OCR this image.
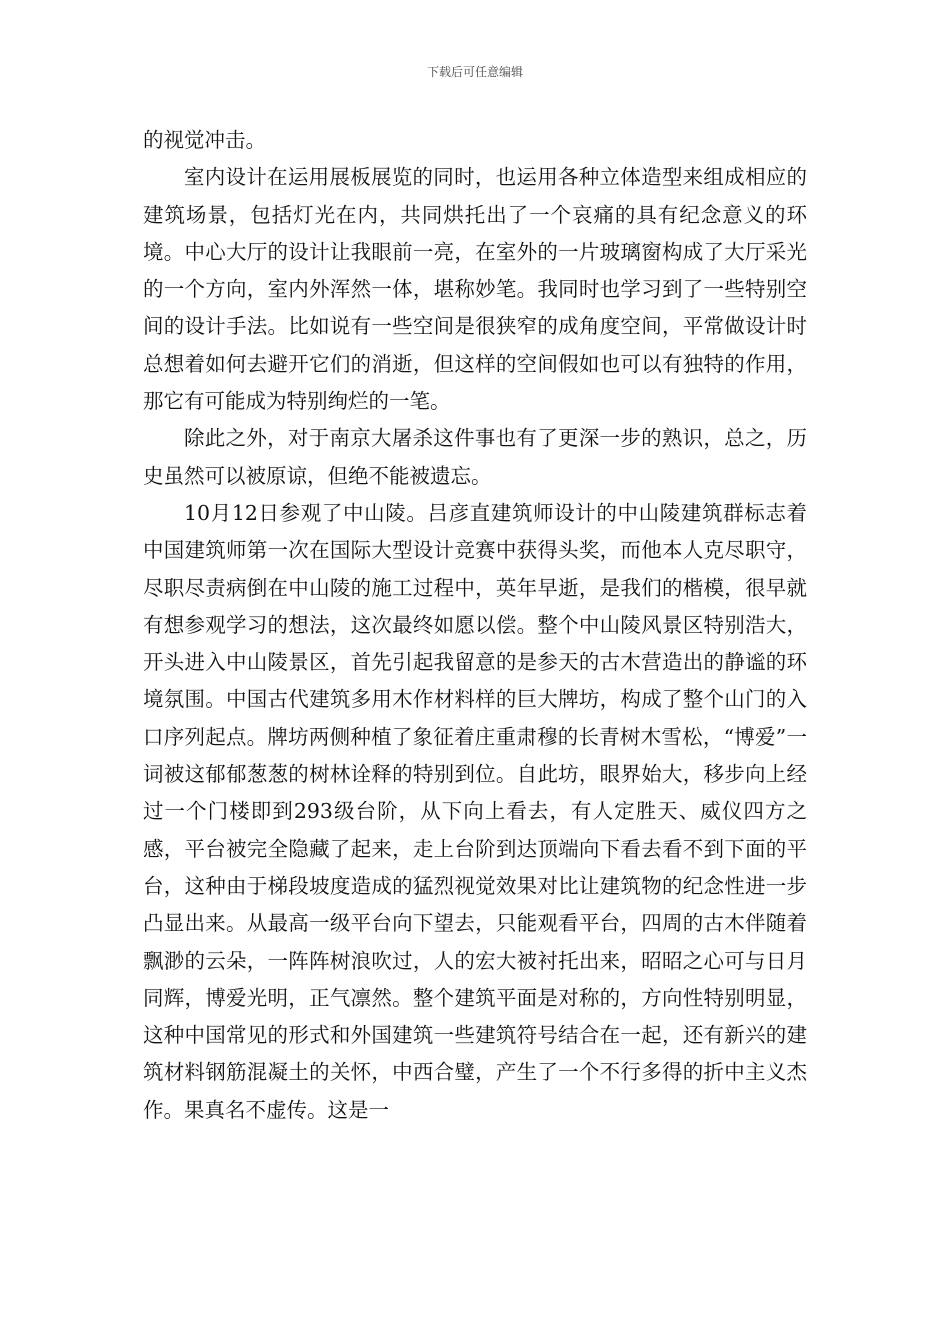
下载后可任意编辑

的视觉冲击。

室内设计在运用展板展览的同时，也运用各种立体造型来组成相应的建筑场景，包括灯光在内，共同烘托出了一个哀痛的具有纪念意义的环境。中心大厅的设计让我眼前一亮，在室外的一片玻璃窗构成了大厅采光的一个方向，室内外浑然一体，堪称妙笔。我同时也学习到了一些特别空间的设计手法。比如说有一些空间是很狭窄的成角度空间，平常做设计时总想着如何去避开它们的消逝，但这样的空间假如也可以有独特的作用，那它有可能成为特别绚烂的一笔。

除此之外，对于南京大屠杀这件事也有了更深一步的熟识，总之，历史虽然可以被原谅，但绝不能被遗忘。

10月12日参观了中山陵。吕彦直建筑师设计的中山陵建筑群标志着中国建筑师第一次在国际大型设计竞赛中获得头奖，而他本人克尽职守，尽职尽责病倒在中山陵的施工过程中，英年早逝，是我们的楷模，很早就有想参观学习的想法，这次最终如愿以偿。整个中山陵风景区特别浩大，开头进入中山陵景区，首先引起我留意的是参天的古木营造出的静谧的环境氛围。中国古代建筑多用木作材料样的巨大牌坊，构成了整个山门的入口序列起点。牌坊两侧种植了象征着庄重肃穆的长青树木雪松，“博爱”一词被这郁郁葱葱的树林诠释的特别到位。自此坊，眼界始大，移步向上经过一个门楼即到293级台阶，从下向上看去，有人定胜天、威仪四方之感，平台被完全隐藏了起来，走上台阶到达顶端向下看去看不到下面的平台，这种由于梯段坡度造成的猛烈视觉效果对比让建筑物的纪念性进一步凸显出来。从最高一级平台向下望去，只能观看平台，四周的古木伴随着飘渺的云朵，一阵阵树浪吹过，人的宏大被衬托出来，昭昭之心可与日月同辉，博爱光明，正气凛然。整个建筑平面是对称的，方向性特别明显，这种中国常见的形式和外国建筑一些建筑符号结合在一起，还有新兴的建筑材料钢筋混凝土的关怀，中西合璧，产生了一个不行多得的折中主义杰作。果真名不虚传。这是一
